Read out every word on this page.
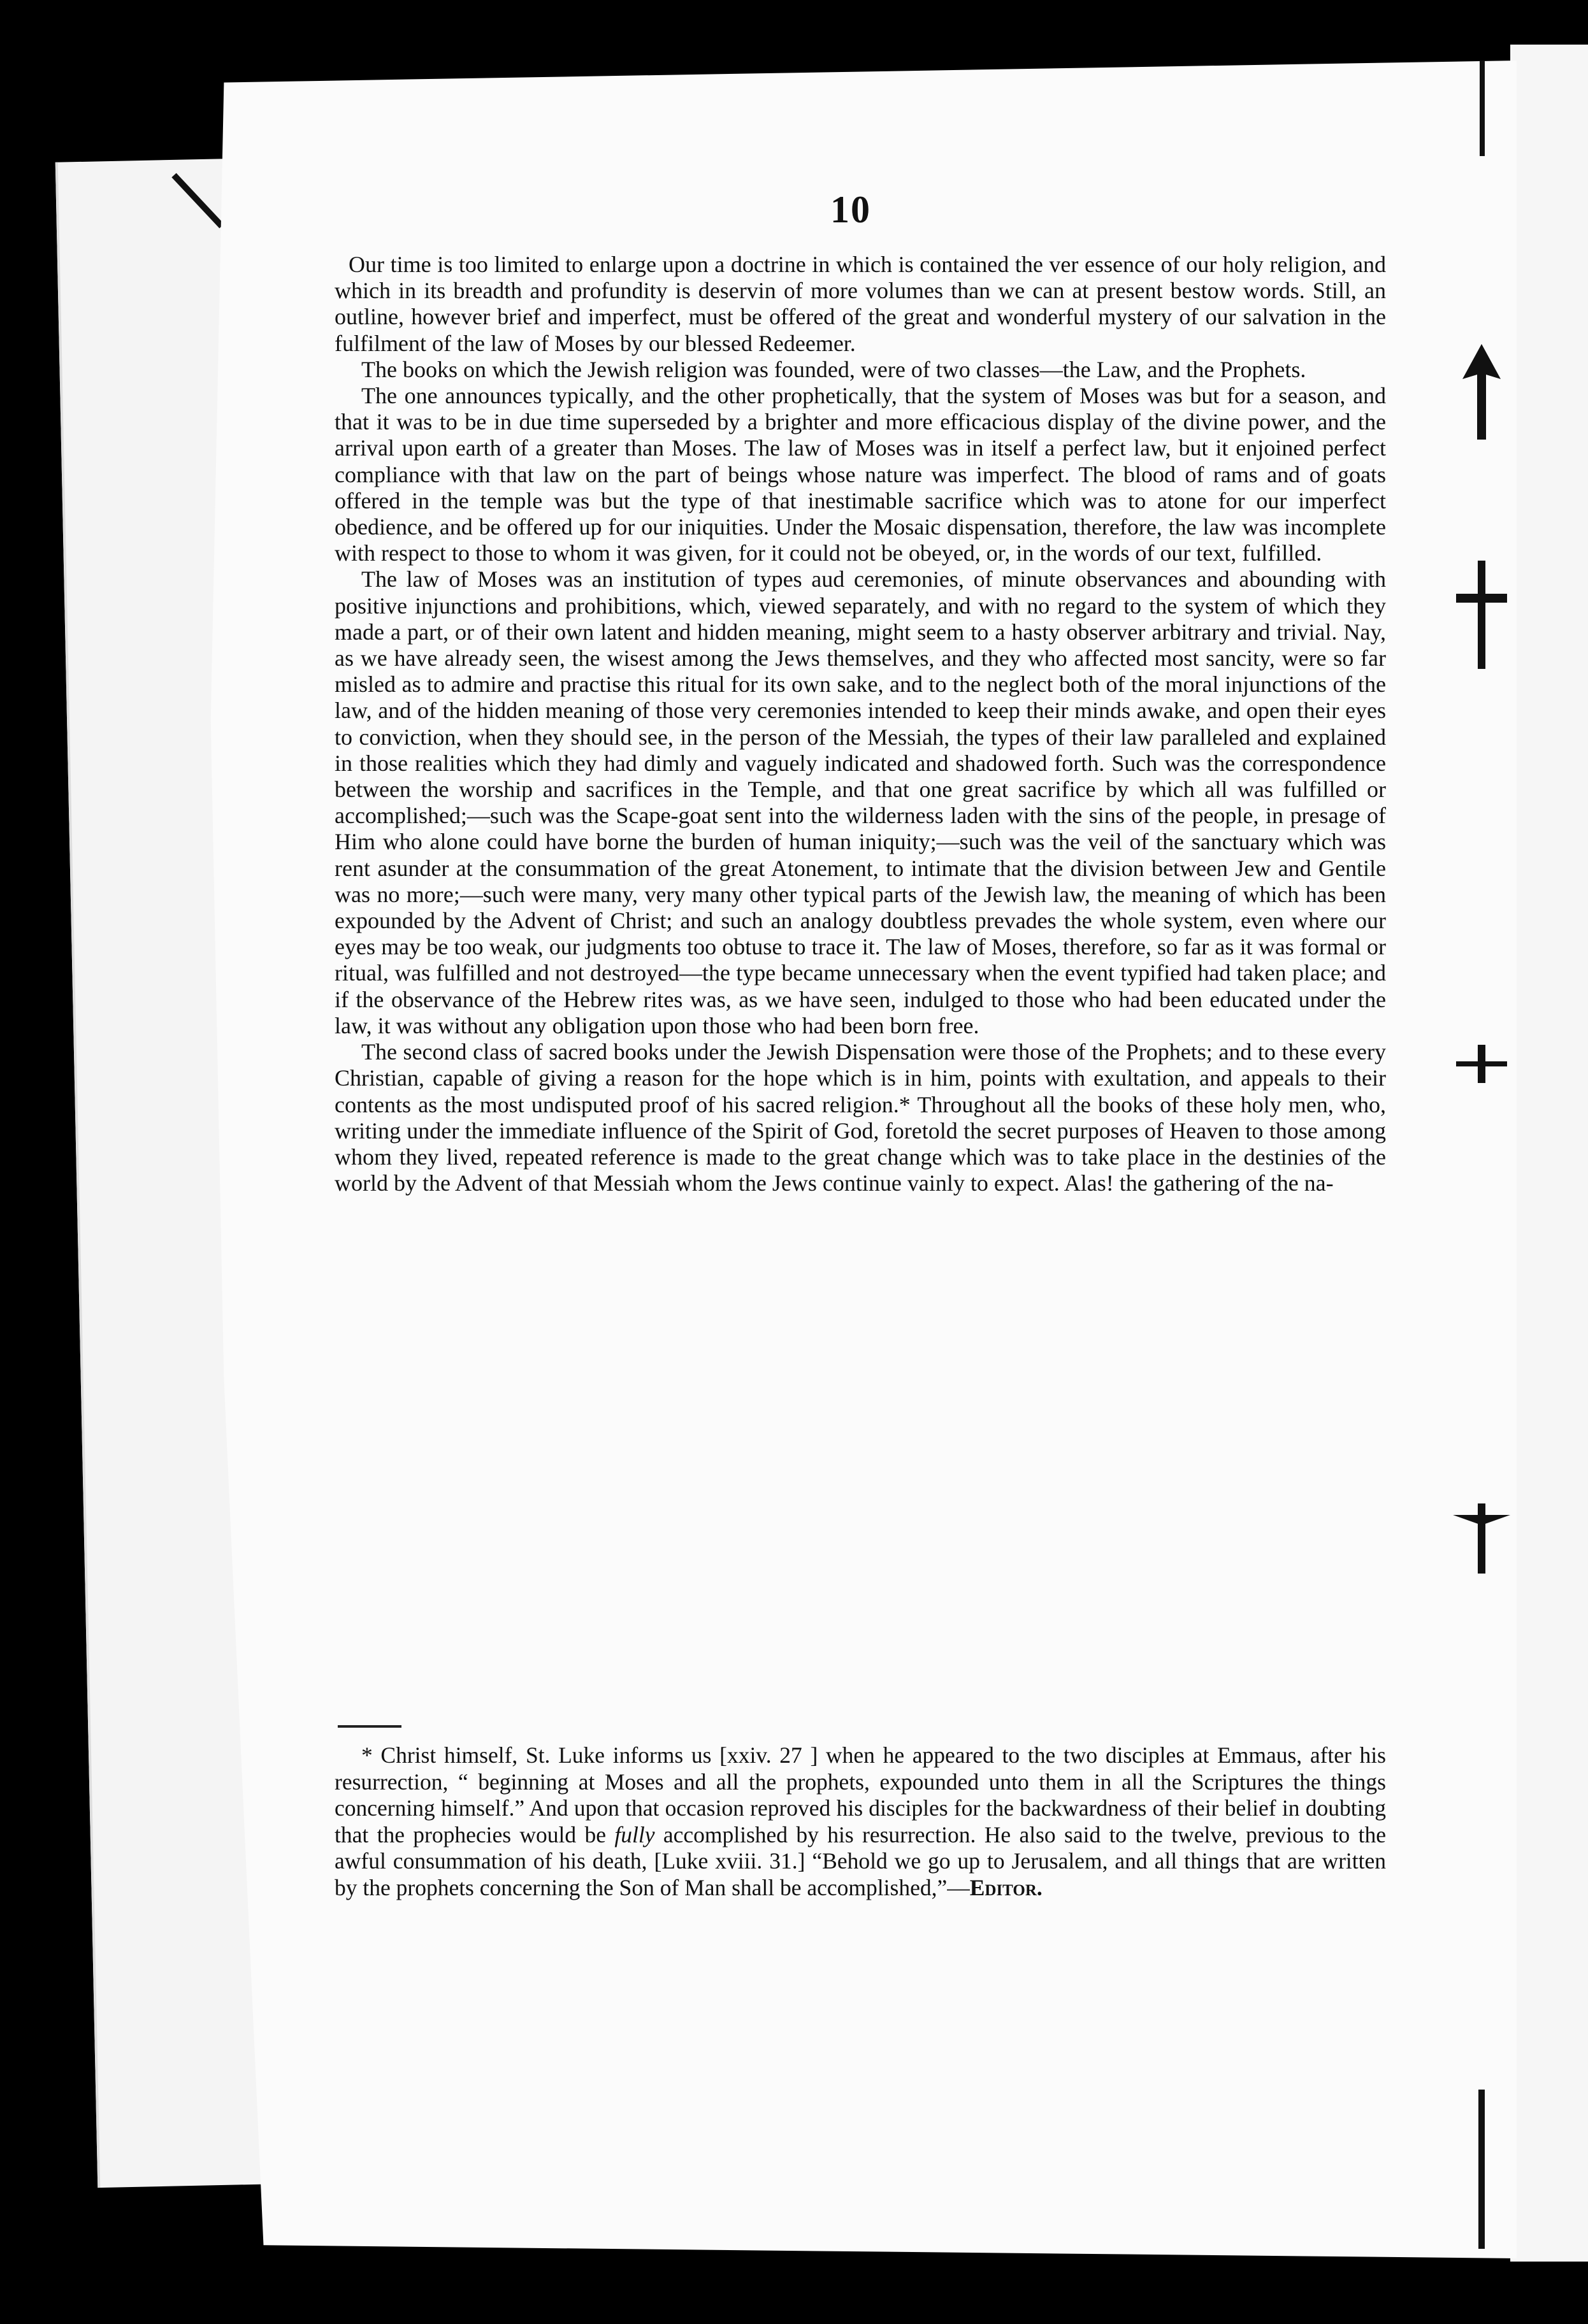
10

Our time is too limited to enlarge upon a doctrine in which is contained the ver essence of our holy religion, and which in its breadth and profundity is deservin of more volumes than we can at present bestow words. Still, an outline, however brief and imperfect, must be offered of the great and wonderful mystery of our salvation in the fulfilment of the law of Moses by our blessed Redeemer.

The books on which the Jewish religion was founded, were of two classes—the Law, and the Prophets.

The one announces typically, and the other prophetically, that the system of Moses was but for a season, and that it was to be in due time superseded by a brighter and more efficacious display of the divine power, and the arrival upon earth of a greater than Moses. The law of Moses was in itself a perfect law, but it enjoined perfect compliance with that law on the part of beings whose nature was imperfect. The blood of rams and of goats offered in the temple was but the type of that inestimable sacrifice which was to atone for our imperfect obedience, and be offered up for our iniquities. Under the Mosaic dispensation, therefore, the law was incomplete with respect to those to whom it was given, for it could not be obeyed, or, in the words of our text, fulfilled.

The law of Moses was an institution of types aud ceremonies, of minute observances and abounding with positive injunctions and prohibitions, which, viewed separately, and with no regard to the system of which they made a part, or of their own latent and hidden meaning, might seem to a hasty observer arbitrary and trivial. Nay, as we have already seen, the wisest among the Jews themselves, and they who affected most sancity, were so far misled as to admire and practise this ritual for its own sake, and to the neglect both of the moral injunctions of the law, and of the hidden meaning of those very ceremonies intended to keep their minds awake, and open their eyes to conviction, when they should see, in the person of the Messiah, the types of their law paralleled and explained in those realities which they had dimly and vaguely indicated and shadowed forth. Such was the correspondence between the worship and sacrifices in the Temple, and that one great sacrifice by which all was fulfilled or accomplished;—such was the Scape-goat sent into the wilderness laden with the sins of the people, in presage of Him who alone could have borne the burden of human iniquity;—such was the veil of the sanctuary which was rent asunder at the consummation of the great Atonement, to intimate that the division between Jew and Gentile was no more;—such were many, very many other typical parts of the Jewish law, the meaning of which has been expounded by the Advent of Christ; and such an analogy doubtless prevades the whole system, even where our eyes may be too weak, our judgments too obtuse to trace it. The law of Moses, therefore, so far as it was formal or ritual, was fulfilled and not destroyed—the type became unnecessary when the event typified had taken place; and if the observance of the Hebrew rites was, as we have seen, indulged to those who had been educated under the law, it was without any obligation upon those who had been born free.

The second class of sacred books under the Jewish Dispensation were those of the Prophets; and to these every Christian, capable of giving a reason for the hope which is in him, points with exultation, and appeals to their contents as the most undisputed proof of his sacred religion.* Throughout all the books of these holy men, who, writing under the immediate influence of the Spirit of God, foretold the secret purposes of Heaven to those among whom they lived, repeated reference is made to the great change which was to take place in the destinies of the world by the Advent of that Messiah whom the Jews continue vainly to expect. Alas! the gathering of the na-

* Christ himself, St. Luke informs us [xxiv. 27 ] when he appeared to the two disciples at Emmaus, after his resurrection, “ beginning at Moses and all the prophets, expounded unto them in all the Scriptures the things concerning himself.” And upon that occasion reproved his disciples for the backwardness of their belief in doubting that the prophecies would be fully accomplished by his resurrection. He also said to the twelve, previous to the awful consummation of his death, [Luke xviii. 31.] “Behold we go up to Jerusalem, and all things that are written by the prophets concerning the Son of Man shall be accomplished,”—Editor.
